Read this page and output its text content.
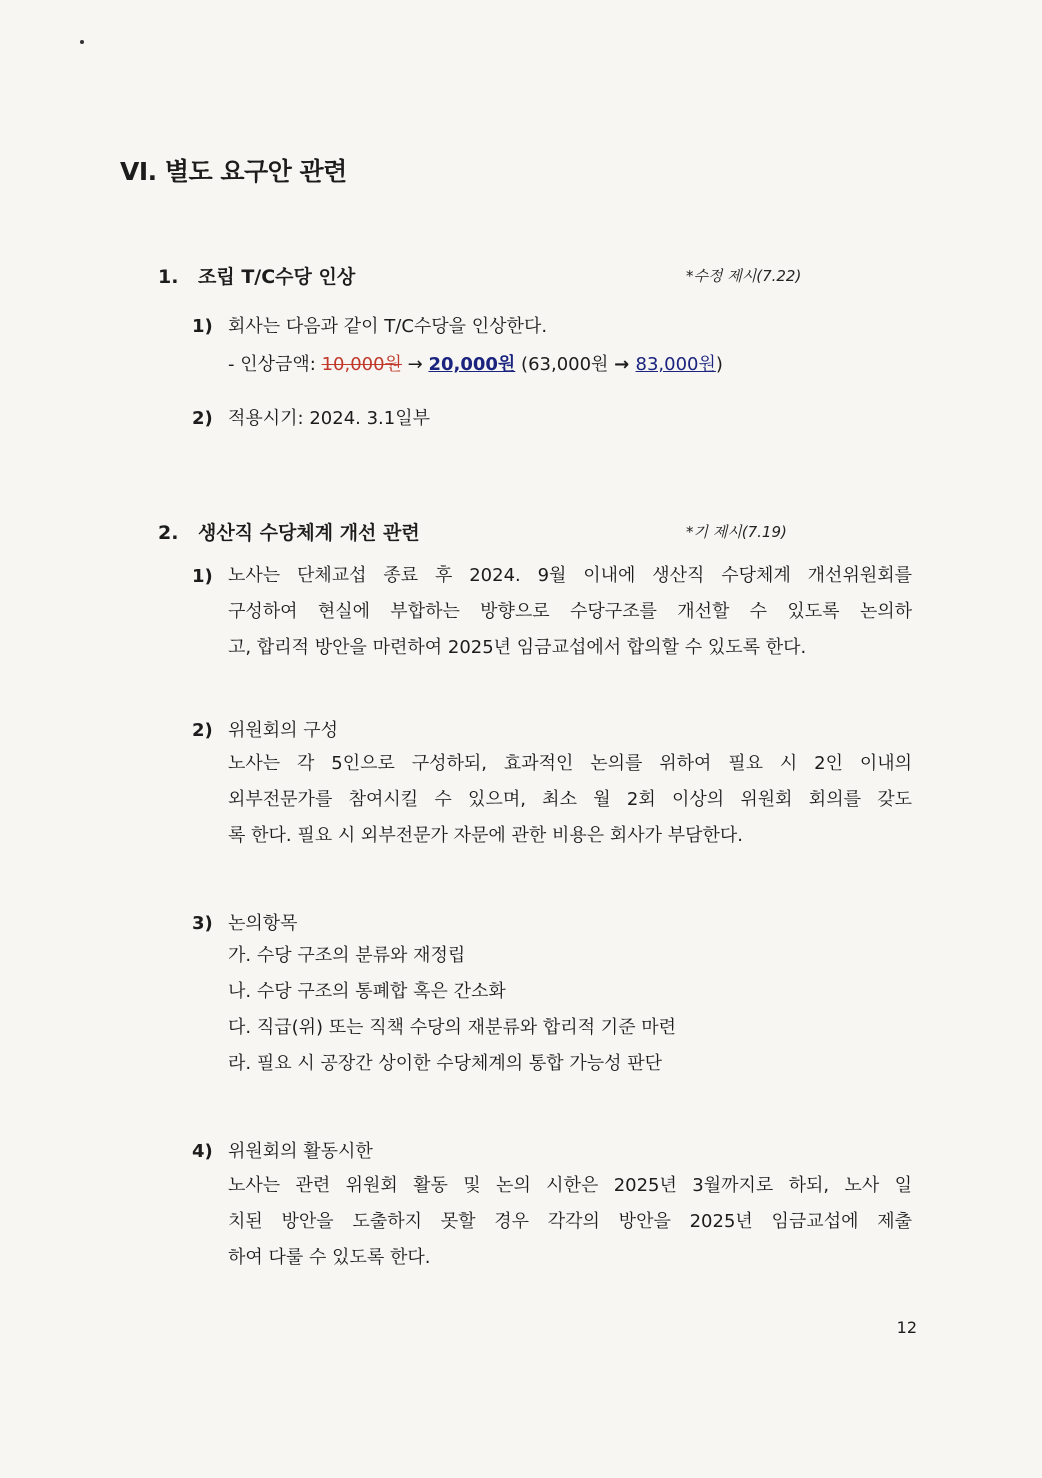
VI. 별도 요구안 관련
1. 조립 T/C수당 인상	*수정 제시(7.22)
1) 회사는 다음과 같이 T/C수당을 인상한다.
- 인상금액: 10,000원 → 20,000원 (63,000원 → 83,000원)
2) 적용시기: 2024. 3.1일부
2. 생산직 수당체계 개선 관련	*기 제시(7.19)
1) 노사는 단체교섭 종료 후 2024. 9월 이내에 생산직 수당체계 개선위원회를
구성하여 현실에 부합하는 방향으로 수당구조를 개선할 수 있도록 논의하
고, 합리적 방안을 마련하여 2025년 임금교섭에서 합의할 수 있도록 한다.
2) 위원회의 구성
노사는 각 5인으로 구성하되, 효과적인 논의를 위하여 필요 시 2인 이내의
외부전문가를 참여시킬 수 있으며, 최소 월 2회 이상의 위원회 회의를 갖도
록 한다. 필요 시 외부전문가 자문에 관한 비용은 회사가 부담한다.
3) 논의항목
가. 수당 구조의 분류와 재정립
나. 수당 구조의 통폐합 혹은 간소화
다. 직급(위) 또는 직책 수당의 재분류와 합리적 기준 마련
라. 필요 시 공장간 상이한 수당체계의 통합 가능성 판단
4) 위원회의 활동시한
노사는 관련 위원회 활동 및 논의 시한은 2025년 3월까지로 하되, 노사 일
치된 방안을 도출하지 못할 경우 각각의 방안을 2025년 임금교섭에 제출
하여 다룰 수 있도록 한다.
12
